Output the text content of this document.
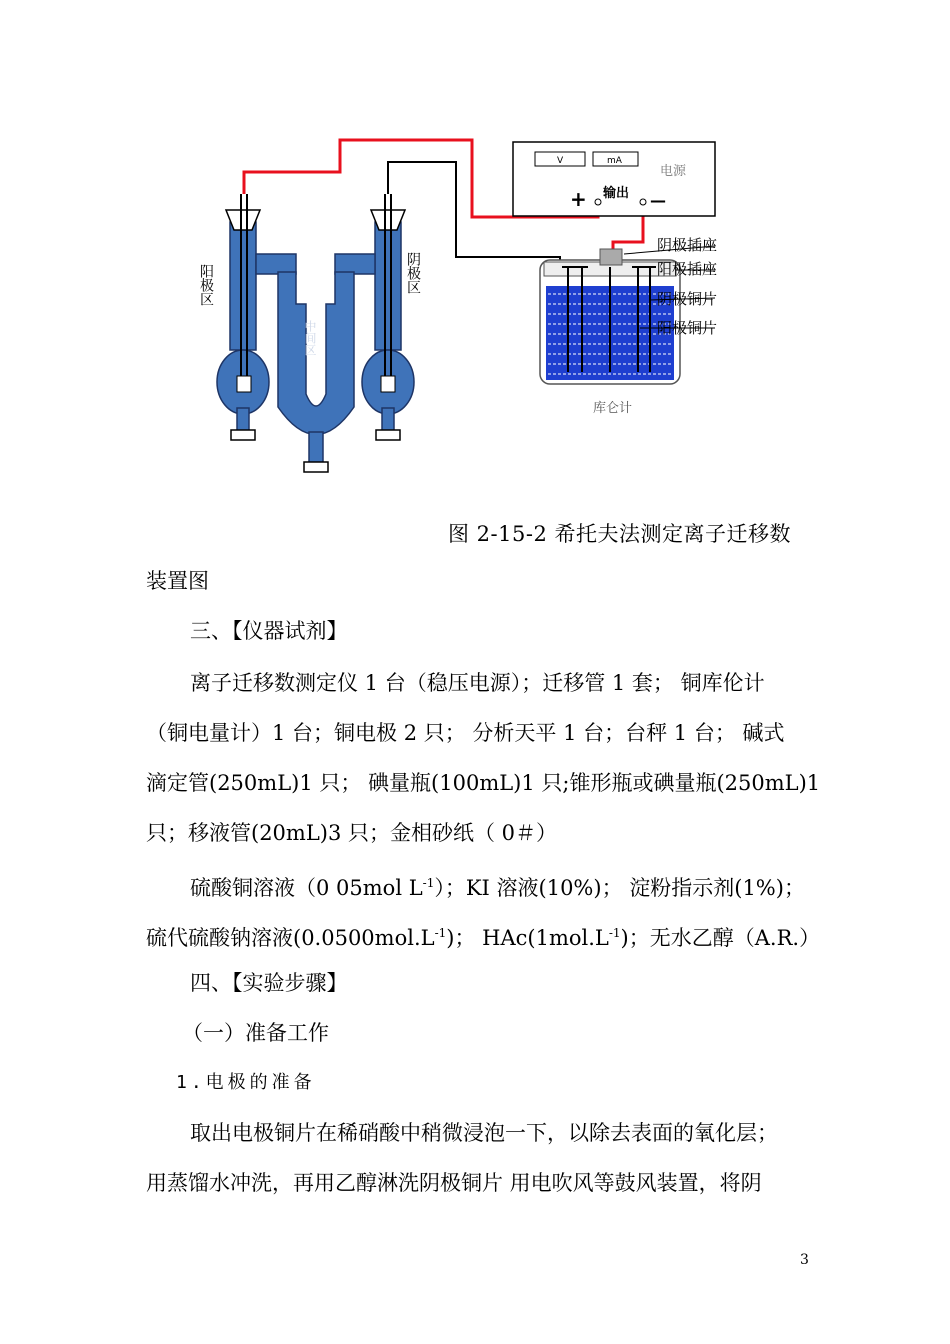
V	mA
电源
输出
+	—
库仑计
阴极插座
阳极插座
阴极铜片
阳极铜片
阳极区	阴极区
中间区
A	B
图 2-15-2 希托夫法测定离子迁移数
装置图
三、【仪器试剂】
离子迁移数测定仪 1 台（稳压电源）；迁移管 1 套； 铜库伦计
（铜电量计）1 台；铜电极 2 只； 分析天平 1 台；台秤 1 台； 碱式
滴定管(250mL)1 只； 碘量瓶(100mL)1 只;锥形瓶或碘量瓶(250mL)1
只；移液管(20mL)3 只；金相砂纸（ 0＃）
硫酸铜溶液（0 05mol $L^{-1}$）；KI 溶液(10%)； 淀粉指示剂(1%)；
硫代硫酸钠溶液$(0.0500mol.L^{-1})$； $HAc(1mol.L^{-1})$；无水乙醇（A.R.）
四、【实验步骤】
（一）准备工作
1.电极的准备
取出电极铜片在稀硝酸中稍微浸泡一下，以除去表面的氧化层；
用蒸馏水冲洗，再用乙醇淋洗阴极铜片 用电吹风等鼓风装置，将阴
3
